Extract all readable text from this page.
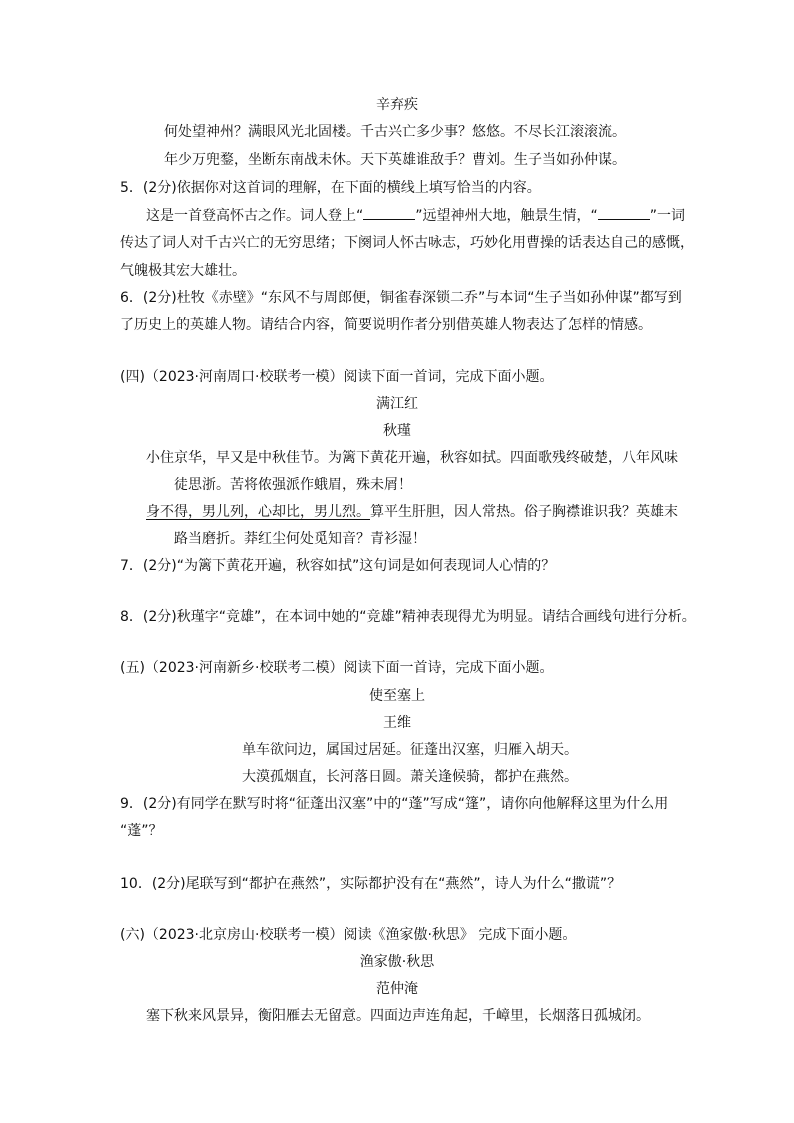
辛弃疾
何处望神州？满眼风光北固楼。千古兴亡多少事？悠悠。不尽长江滚滚流。
年少万兜鍪，坐断东南战未休。天下英雄谁敌手？曹刘。生子当如孙仲谋。
5．(2分)依据你对这首词的理解，在下面的横线上填写恰当的内容。
这是一首登高怀古之作。词人登上“	”远望神州大地，触景生情，“	”一词
传达了词人对千古兴亡的无穷思绪；下阕词人怀古咏志，巧妙化用曹操的话表达自己的感慨，
气魄极其宏大雄壮。
6．(2分)杜牧《赤壁》“东风不与周郎便，铜雀春深锁二乔”与本词“生子当如孙仲谋”都写到
了历史上的英雄人物。请结合内容，简要说明作者分别借英雄人物表达了怎样的情感。
(四)（2023·河南周口·校联考一模）阅读下面一首词，完成下面小题。
满江红
秋瑾
小住京华，早又是中秋佳节。为篱下黄花开遍，秋容如拭。四面歌残终破楚，八年风味
徒思浙。苦将侬强派作蛾眉，殊未屑！
身不得，男儿列，心却比，男儿烈。算平生肝胆，因人常热。俗子胸襟谁识我？英雄末
路当磨折。莽红尘何处觅知音？青衫湿！
7．(2分)“为篱下黄花开遍，秋容如拭”这句词是如何表现词人心情的？
8．(2分)秋瑾字“竞雄”，在本词中她的“竞雄”精神表现得尤为明显。请结合画线句进行分析。
(五)（2023·河南新乡·校联考二模）阅读下面一首诗，完成下面小题。
使至塞上
王维
单车欲问边，属国过居延。征蓬出汉塞，归雁入胡天。
大漠孤烟直，长河落日圆。萧关逢候骑，都护在燕然。
9．(2分)有同学在默写时将“征蓬出汉塞”中的“蓬”写成“篷”，请你向他解释这里为什么用
“蓬”？
10．(2分)尾联写到“都护在燕然”，实际都护没有在“燕然”，诗人为什么“撒谎”？
(六)（2023·北京房山·校联考一模）阅读《渔家傲·秋思》 完成下面小题。
渔家傲·秋思
范仲淹
塞下秋来风景异，衡阳雁去无留意。四面边声连角起，千嶂里，长烟落日孤城闭。
